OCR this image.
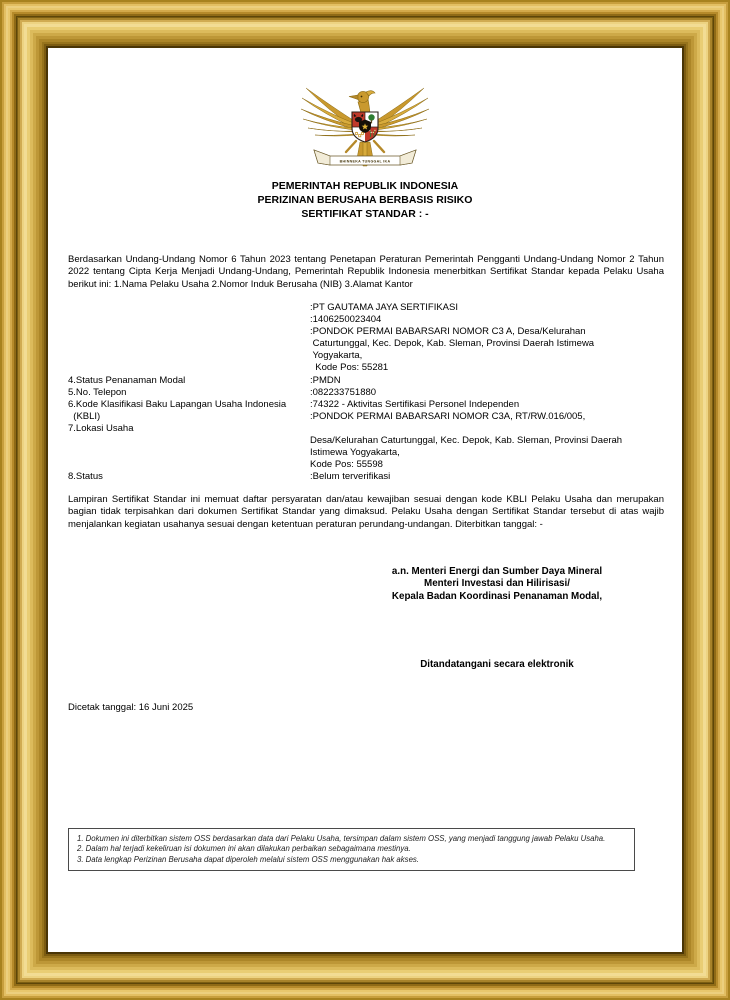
BHINNEKA TUNGGAL IKA
PEMERINTAH REPUBLIK INDONESIA
PERIZINAN BERUSAHA BERBASIS RISIKO
SERTIFIKAT STANDAR : -
Berdasarkan Undang-Undang Nomor 6 Tahun 2023 tentang Penetapan Peraturan Pemerintah Pengganti Undang-Undang Nomor 2 Tahun 2022 tentang Cipta Kerja Menjadi Undang-Undang, Pemerintah Republik Indonesia menerbitkan Sertifikat Standar kepada Pelaku Usaha berikut ini: 1.Nama Pelaku Usaha 2.Nomor Induk Berusaha (NIB) 3.Alamat Kantor
:PT GAUTAMA JAYA SERTIFIKASI
:1406250023404
:PONDOK PERMAI BABARSARI NOMOR C3 A, Desa/Kelurahan
Caturtunggal, Kec. Depok, Kab. Sleman, Provinsi Daerah Istimewa
Yogyakarta,
Kode Pos: 55281
4.Status Penanaman Modal	:PMDN
5.No. Telepon	:082233751880
6.Kode Klasifikasi Baku Lapangan Usaha Indonesia	:74322 - Aktivitas Sertifikasi Personel Independen
(KBLI)	:PONDOK PERMAI BABARSARI NOMOR C3A, RT/RW.016/005,
7.Lokasi Usaha
Desa/Kelurahan Caturtunggal, Kec. Depok, Kab. Sleman, Provinsi Daerah
Istimewa Yogyakarta,
Kode Pos: 55598
8.Status	:Belum terverifikasi
Lampiran Sertifikat Standar ini memuat daftar persyaratan dan/atau kewajiban sesuai dengan kode KBLI Pelaku Usaha dan merupakan bagian tidak terpisahkan dari dokumen Sertifikat Standar yang dimaksud. Pelaku Usaha dengan Sertifikat Standar tersebut di atas wajib menjalankan kegiatan usahanya sesuai dengan ketentuan peraturan perundang-undangan. Diterbitkan tanggal: -
a.n. Menteri Energi dan Sumber Daya Mineral
Menteri Investasi dan Hilirisasi/
Kepala Badan Koordinasi Penanaman Modal,
Ditandatangani secara elektronik
Dicetak tanggal: 16 Juni 2025
1. Dokumen ini diterbitkan sistem OSS berdasarkan data dari Pelaku Usaha, tersimpan dalam sistem OSS, yang menjadi tanggung jawab Pelaku Usaha.
2. Dalam hal terjadi kekeliruan isi dokumen ini akan dilakukan perbaikan sebagaimana mestinya.
3. Data lengkap Perizinan Berusaha dapat diperoleh melalui sistem OSS menggunakan hak akses.
